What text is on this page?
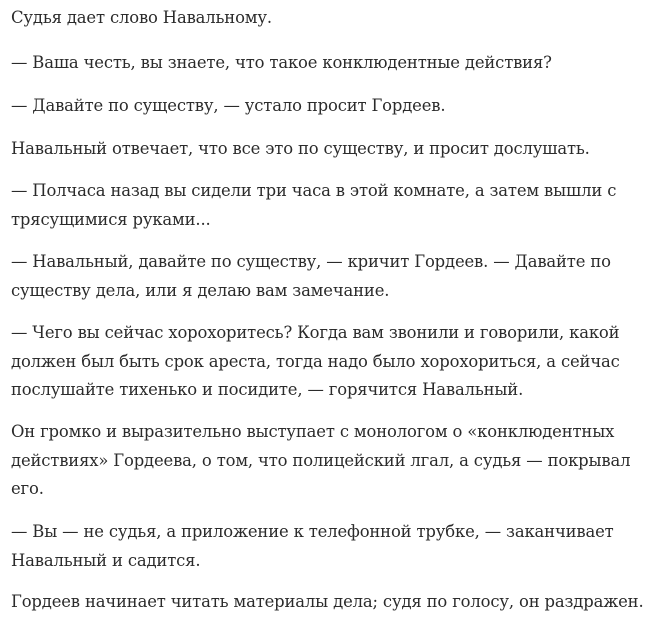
Судья дает слово Навальному.

— Ваша честь, вы знаете, что такое конклюдентные действия?

— Давайте по существу, — устало просит Гордеев.

Навальный отвечает, что все это по существу, и просит дослушать.

— Полчаса назад вы сидели три часа в этой комнате, а затем вышли с
трясущимися руками...

— Навальный, давайте по существу, — кричит Гордеев. — Давайте по
существу дела, или я делаю вам замечание.

— Чего вы сейчас хорохоритесь? Когда вам звонили и говорили, какой
должен был быть срок ареста, тогда надо было хорохориться, а сейчас
послушайте тихенько и посидите, — горячится Навальный.

Он громко и выразительно выступает с монологом о «конклюдентных
действиях» Гордеева, о том, что полицейский лгал, а судья — покрывал
его.

— Вы — не судья, а приложение к телефонной трубке, — заканчивает
Навальный и садится.

Гордеев начинает читать материалы дела; судя по голосу, он раздражен.
